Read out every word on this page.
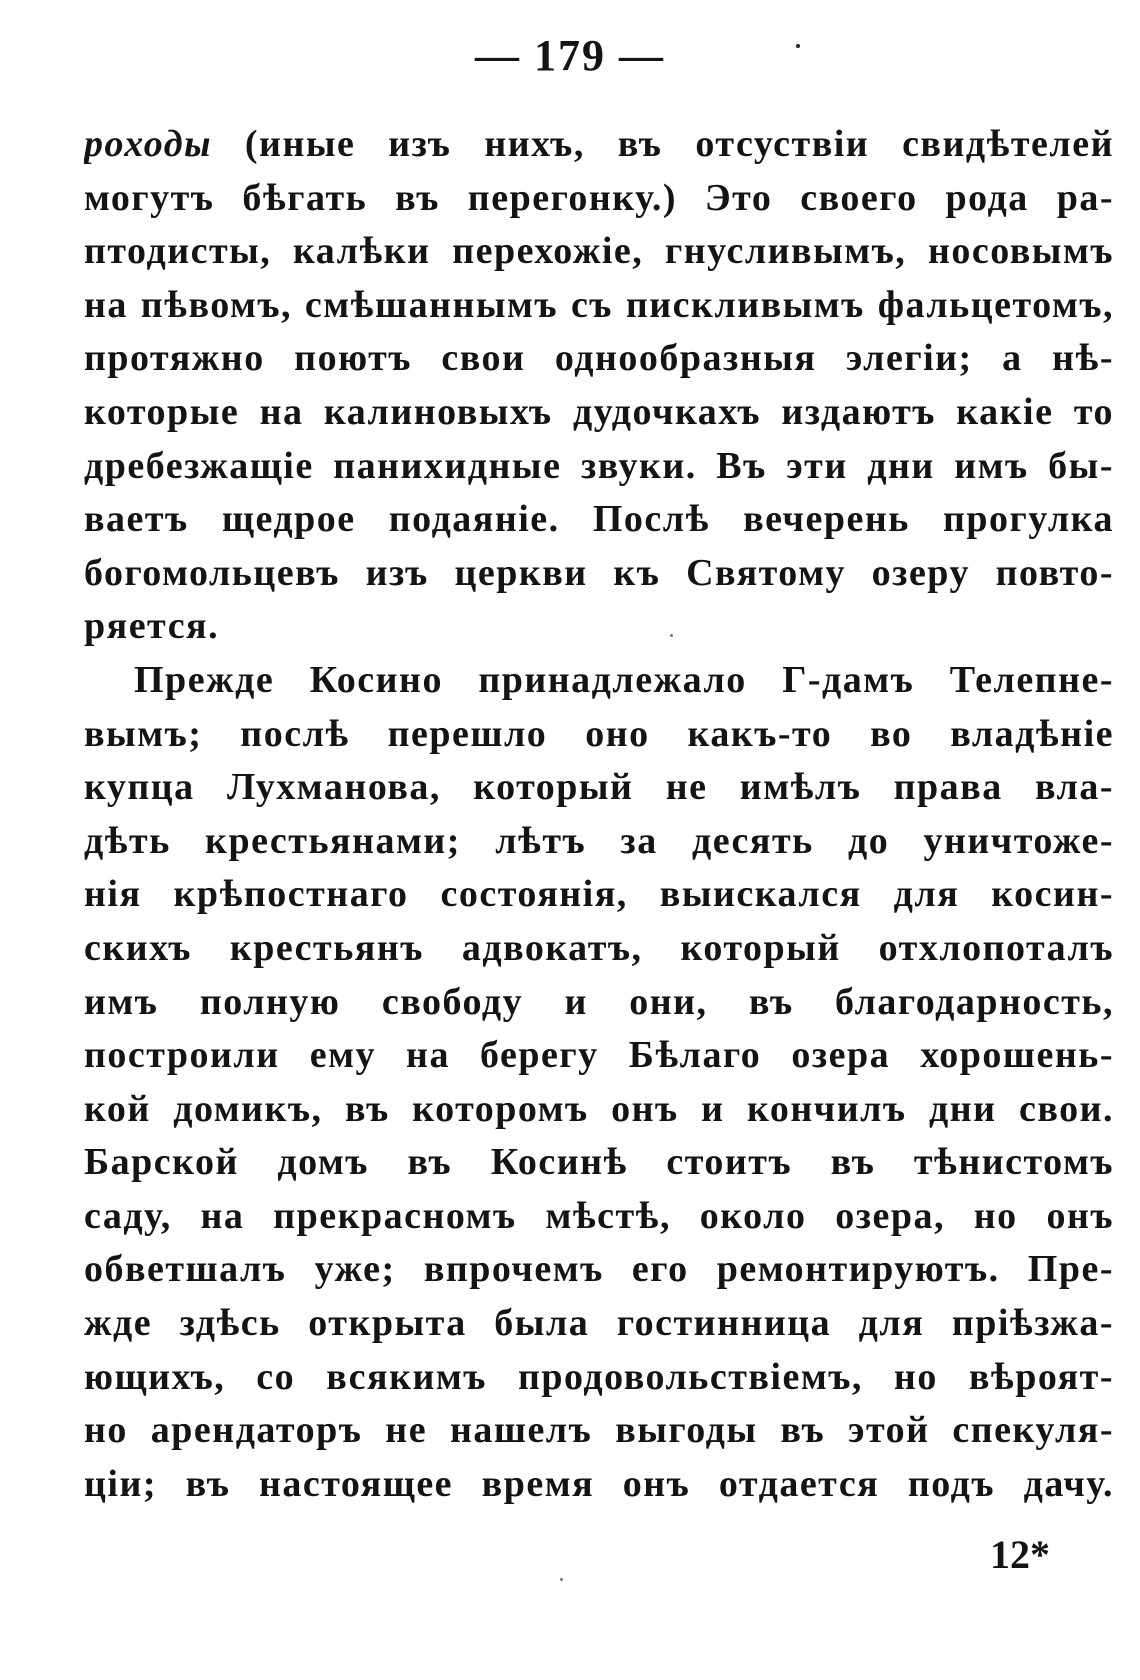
— 179 —
роходы (иные изъ нихъ, въ отсуствіи свидѣтелей
могутъ бѣгать въ перегонку.) Это своего рода ра-
птодисты, калѣки перехожіе, гнусливымъ, носовымъ
на пѣвомъ, смѣшаннымъ съ пискливымъ фальцетомъ,
протяжно поютъ свои однообразныя элегіи; а нѣ-
которые на калиновыхъ дудочкахъ издаютъ какіе то
дребезжащіе панихидные звуки. Въ эти дни имъ бы-
ваетъ щедрое подаяніе. Послѣ вечерень прогулка
богомольцевъ изъ церкви къ Святому озеру повто-
ряется.
Прежде Косино принадлежало Г-дамъ Телепне-
вымъ; послѣ перешло оно какъ-то во владѣніе
купца Лухманова, который не имѣлъ права вла-
дѣть крестьянами; лѣтъ за десять до уничтоже-
нія крѣпостнаго состоянія, выискался для косин-
скихъ крестьянъ адвокатъ, который отхлопоталъ
имъ полную свободу и они, въ благодарность,
построили ему на берегу Бѣлаго озера хорошень-
кой домикъ, въ которомъ онъ и кончилъ дни свои.
Барской домъ въ Косинѣ стоитъ въ тѣнистомъ
саду, на прекрасномъ мѣстѣ, около озера, но онъ
обветшалъ уже; впрочемъ его ремонтируютъ. Пре-
жде здѣсь открыта была гостинница для пріѣзжа-
ющихъ, со всякимъ продовольствіемъ, но вѣроят-
но арендаторъ не нашелъ выгоды въ этой спекуля-
ціи; въ настоящее время онъ отдается подъ дачу.
12*
